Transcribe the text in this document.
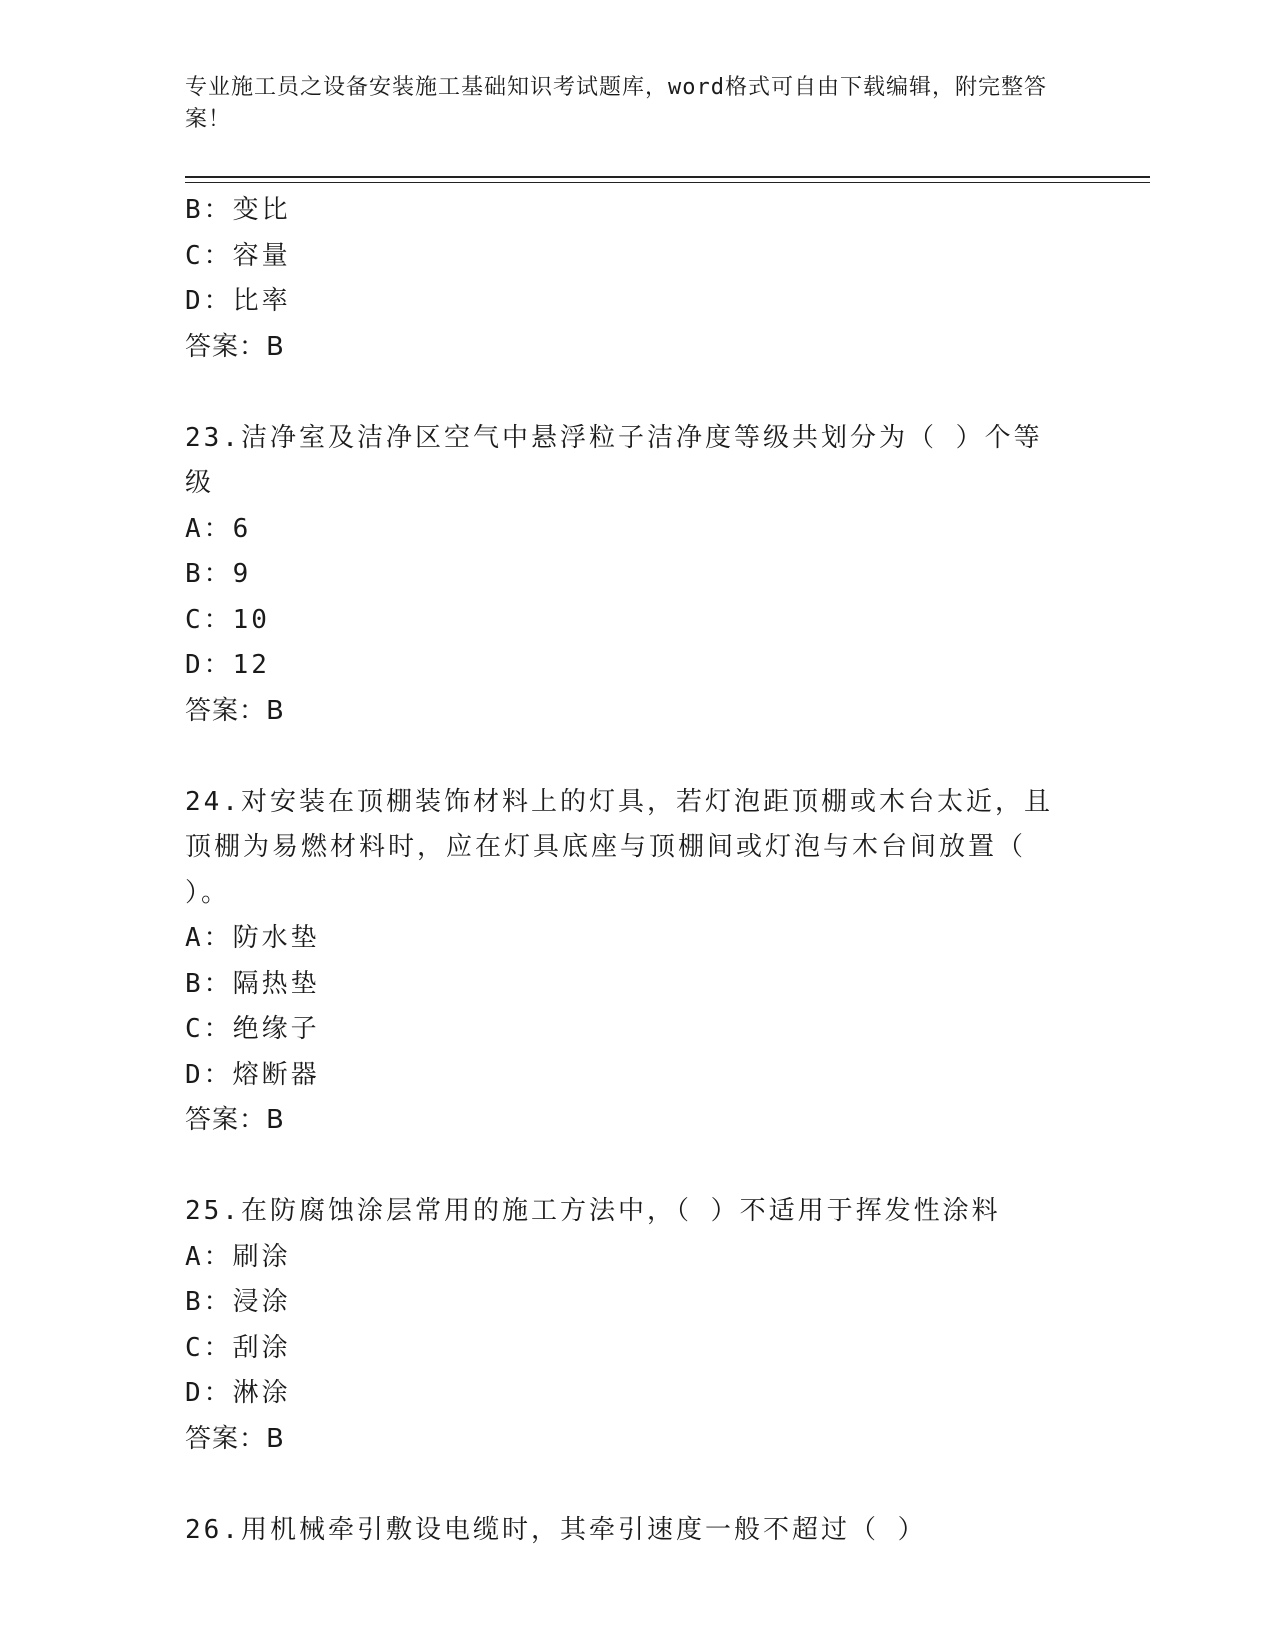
专业施工员之设备安装施工基础知识考试题库，word格式可自由下载编辑，附完整答案！
B：变比
C：容量
D：比率
答案：B
23.洁净室及洁净区空气中悬浮粒子洁净度等级共划分为（ ）个等级
A：6
B：9
C：10
D：12
答案：B
24.对安装在顶棚装饰材料上的灯具，若灯泡距顶棚或木台太近，且顶棚为易燃材料时，应在灯具底座与顶棚间或灯泡与木台间放置（ ）。
A：防水垫
B：隔热垫
C：绝缘子
D：熔断器
答案：B
25.在防腐蚀涂层常用的施工方法中，（ ）不适用于挥发性涂料
A：刷涂
B：浸涂
C：刮涂
D：淋涂
答案：B
26.用机械牵引敷设电缆时，其牵引速度一般不超过（ ）
